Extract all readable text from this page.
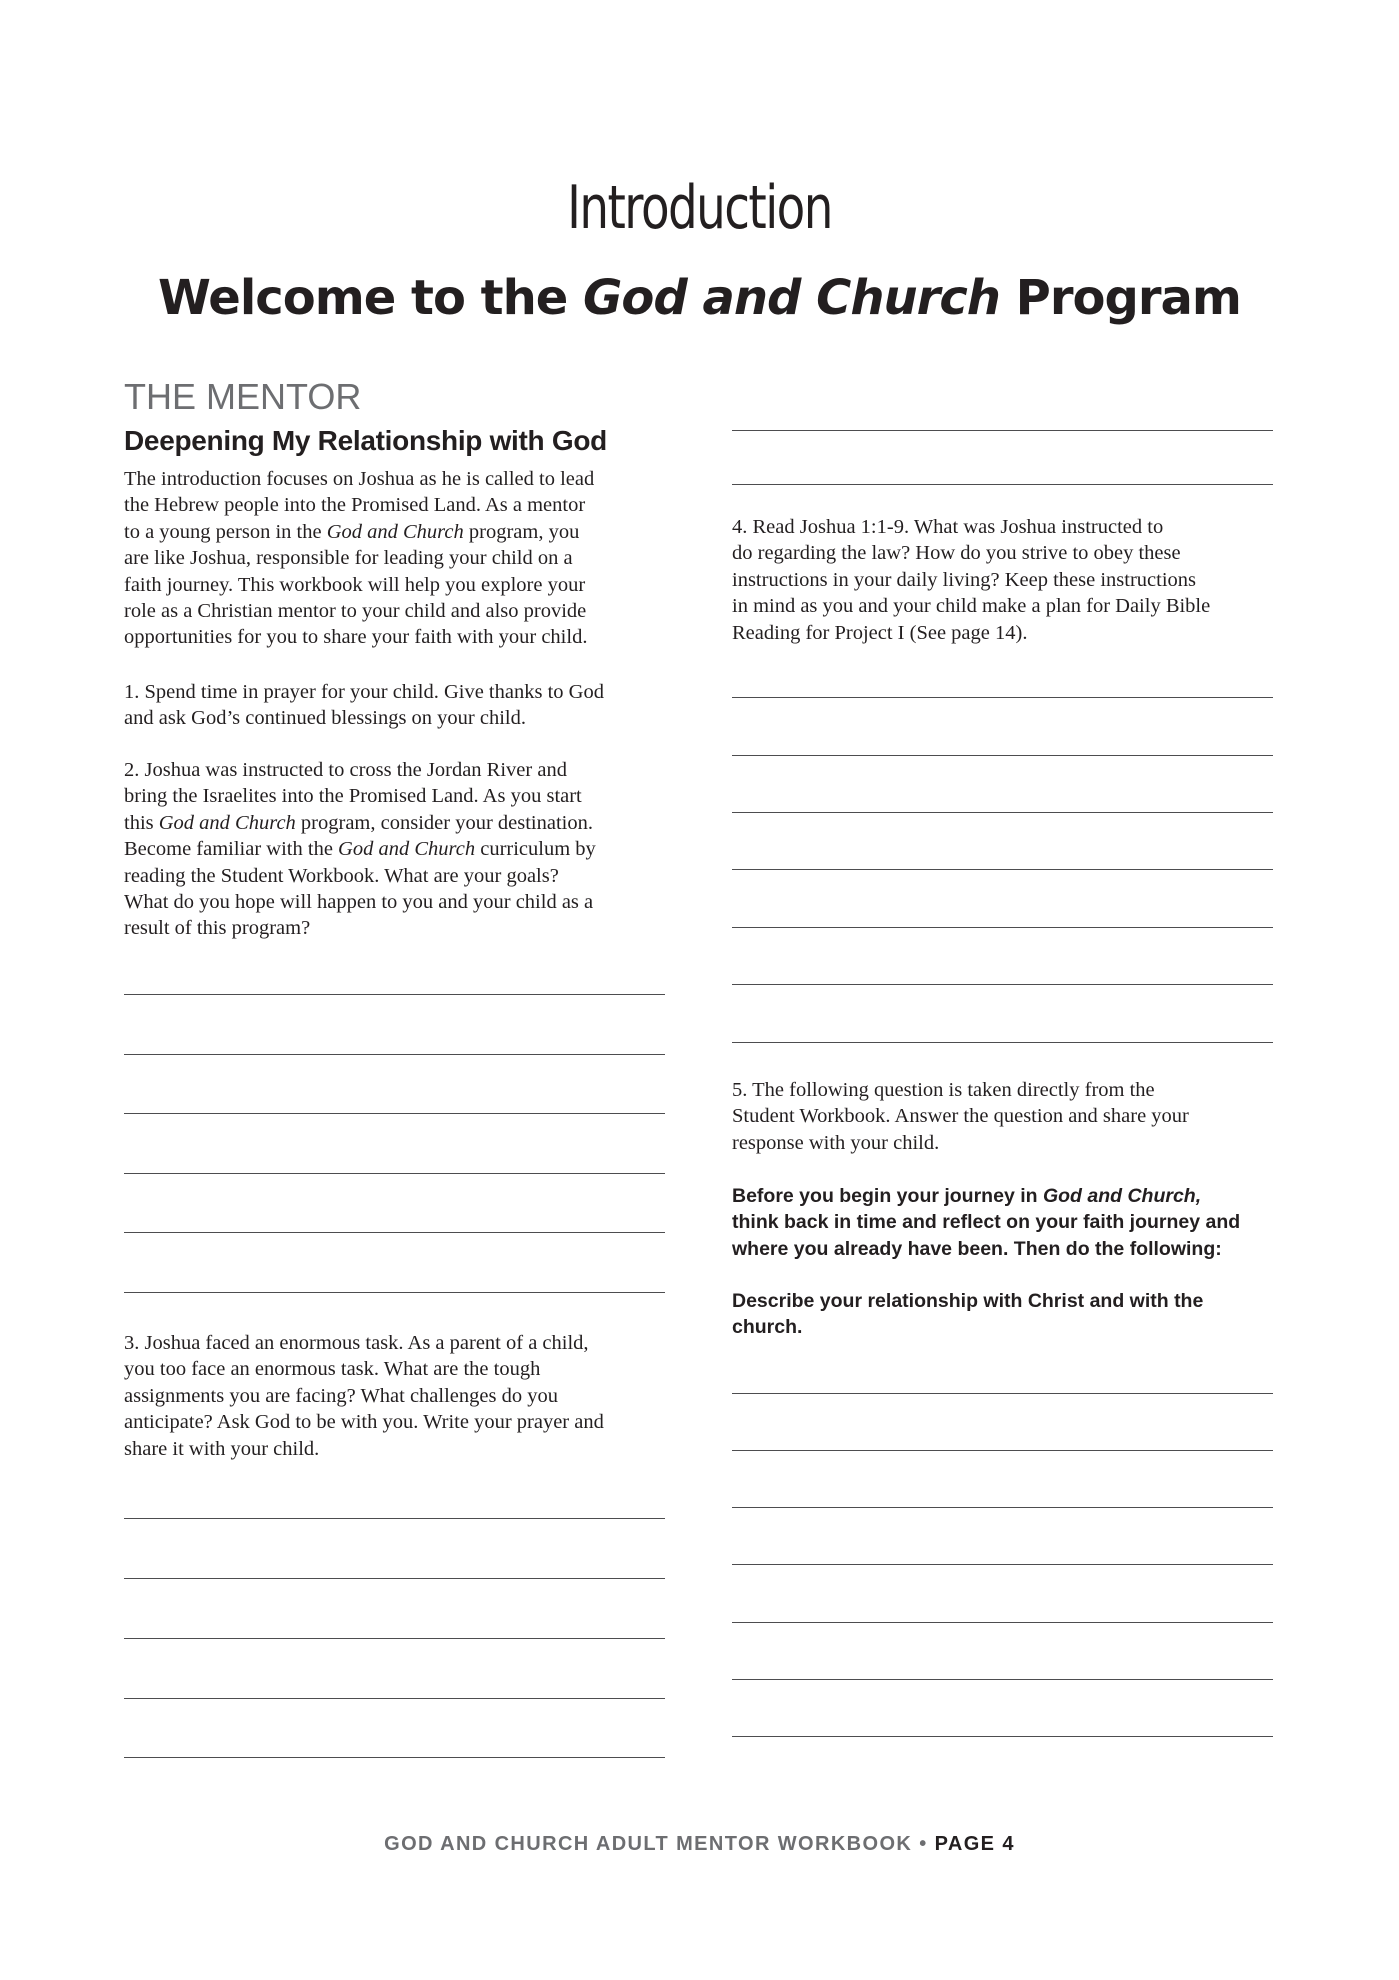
Introduction
Welcome to the God and Church Program
THE MENTOR
Deepening My Relationship with God
The introduction focuses on Joshua as he is called to lead
the Hebrew people into the Promised Land. As a mentor
to a young person in the God and Church program, you
are like Joshua, responsible for leading your child on a
faith journey. This workbook will help you explore your
role as a Christian mentor to your child and also provide
opportunities for you to share your faith with your child.
1. Spend time in prayer for your child. Give thanks to God
and ask God’s continued blessings on your child.
2. Joshua was instructed to cross the Jordan River and
bring the Israelites into the Promised Land. As you start
this God and Church program, consider your destination.
Become familiar with the God and Church curriculum by
reading the Student Workbook. What are your goals?
What do you hope will happen to you and your child as a
result of this program?
3. Joshua faced an enormous task. As a parent of a child,
you too face an enormous task. What are the tough
assignments you are facing? What challenges do you
anticipate? Ask God to be with you. Write your prayer and
share it with your child.
4. Read Joshua 1:1-9. What was Joshua instructed to
do regarding the law? How do you strive to obey these
instructions in your daily living? Keep these instructions
in mind as you and your child make a plan for Daily Bible
Reading for Project I (See page 14).
5. The following question is taken directly from the
Student Workbook. Answer the question and share your
response with your child.
Before you begin your journey in God and Church,
think back in time and reflect on your faith journey and
where you already have been. Then do the following:
Describe your relationship with Christ and with the
church.
GOD AND CHURCH ADULT MENTOR WORKBOOK • PAGE 4
